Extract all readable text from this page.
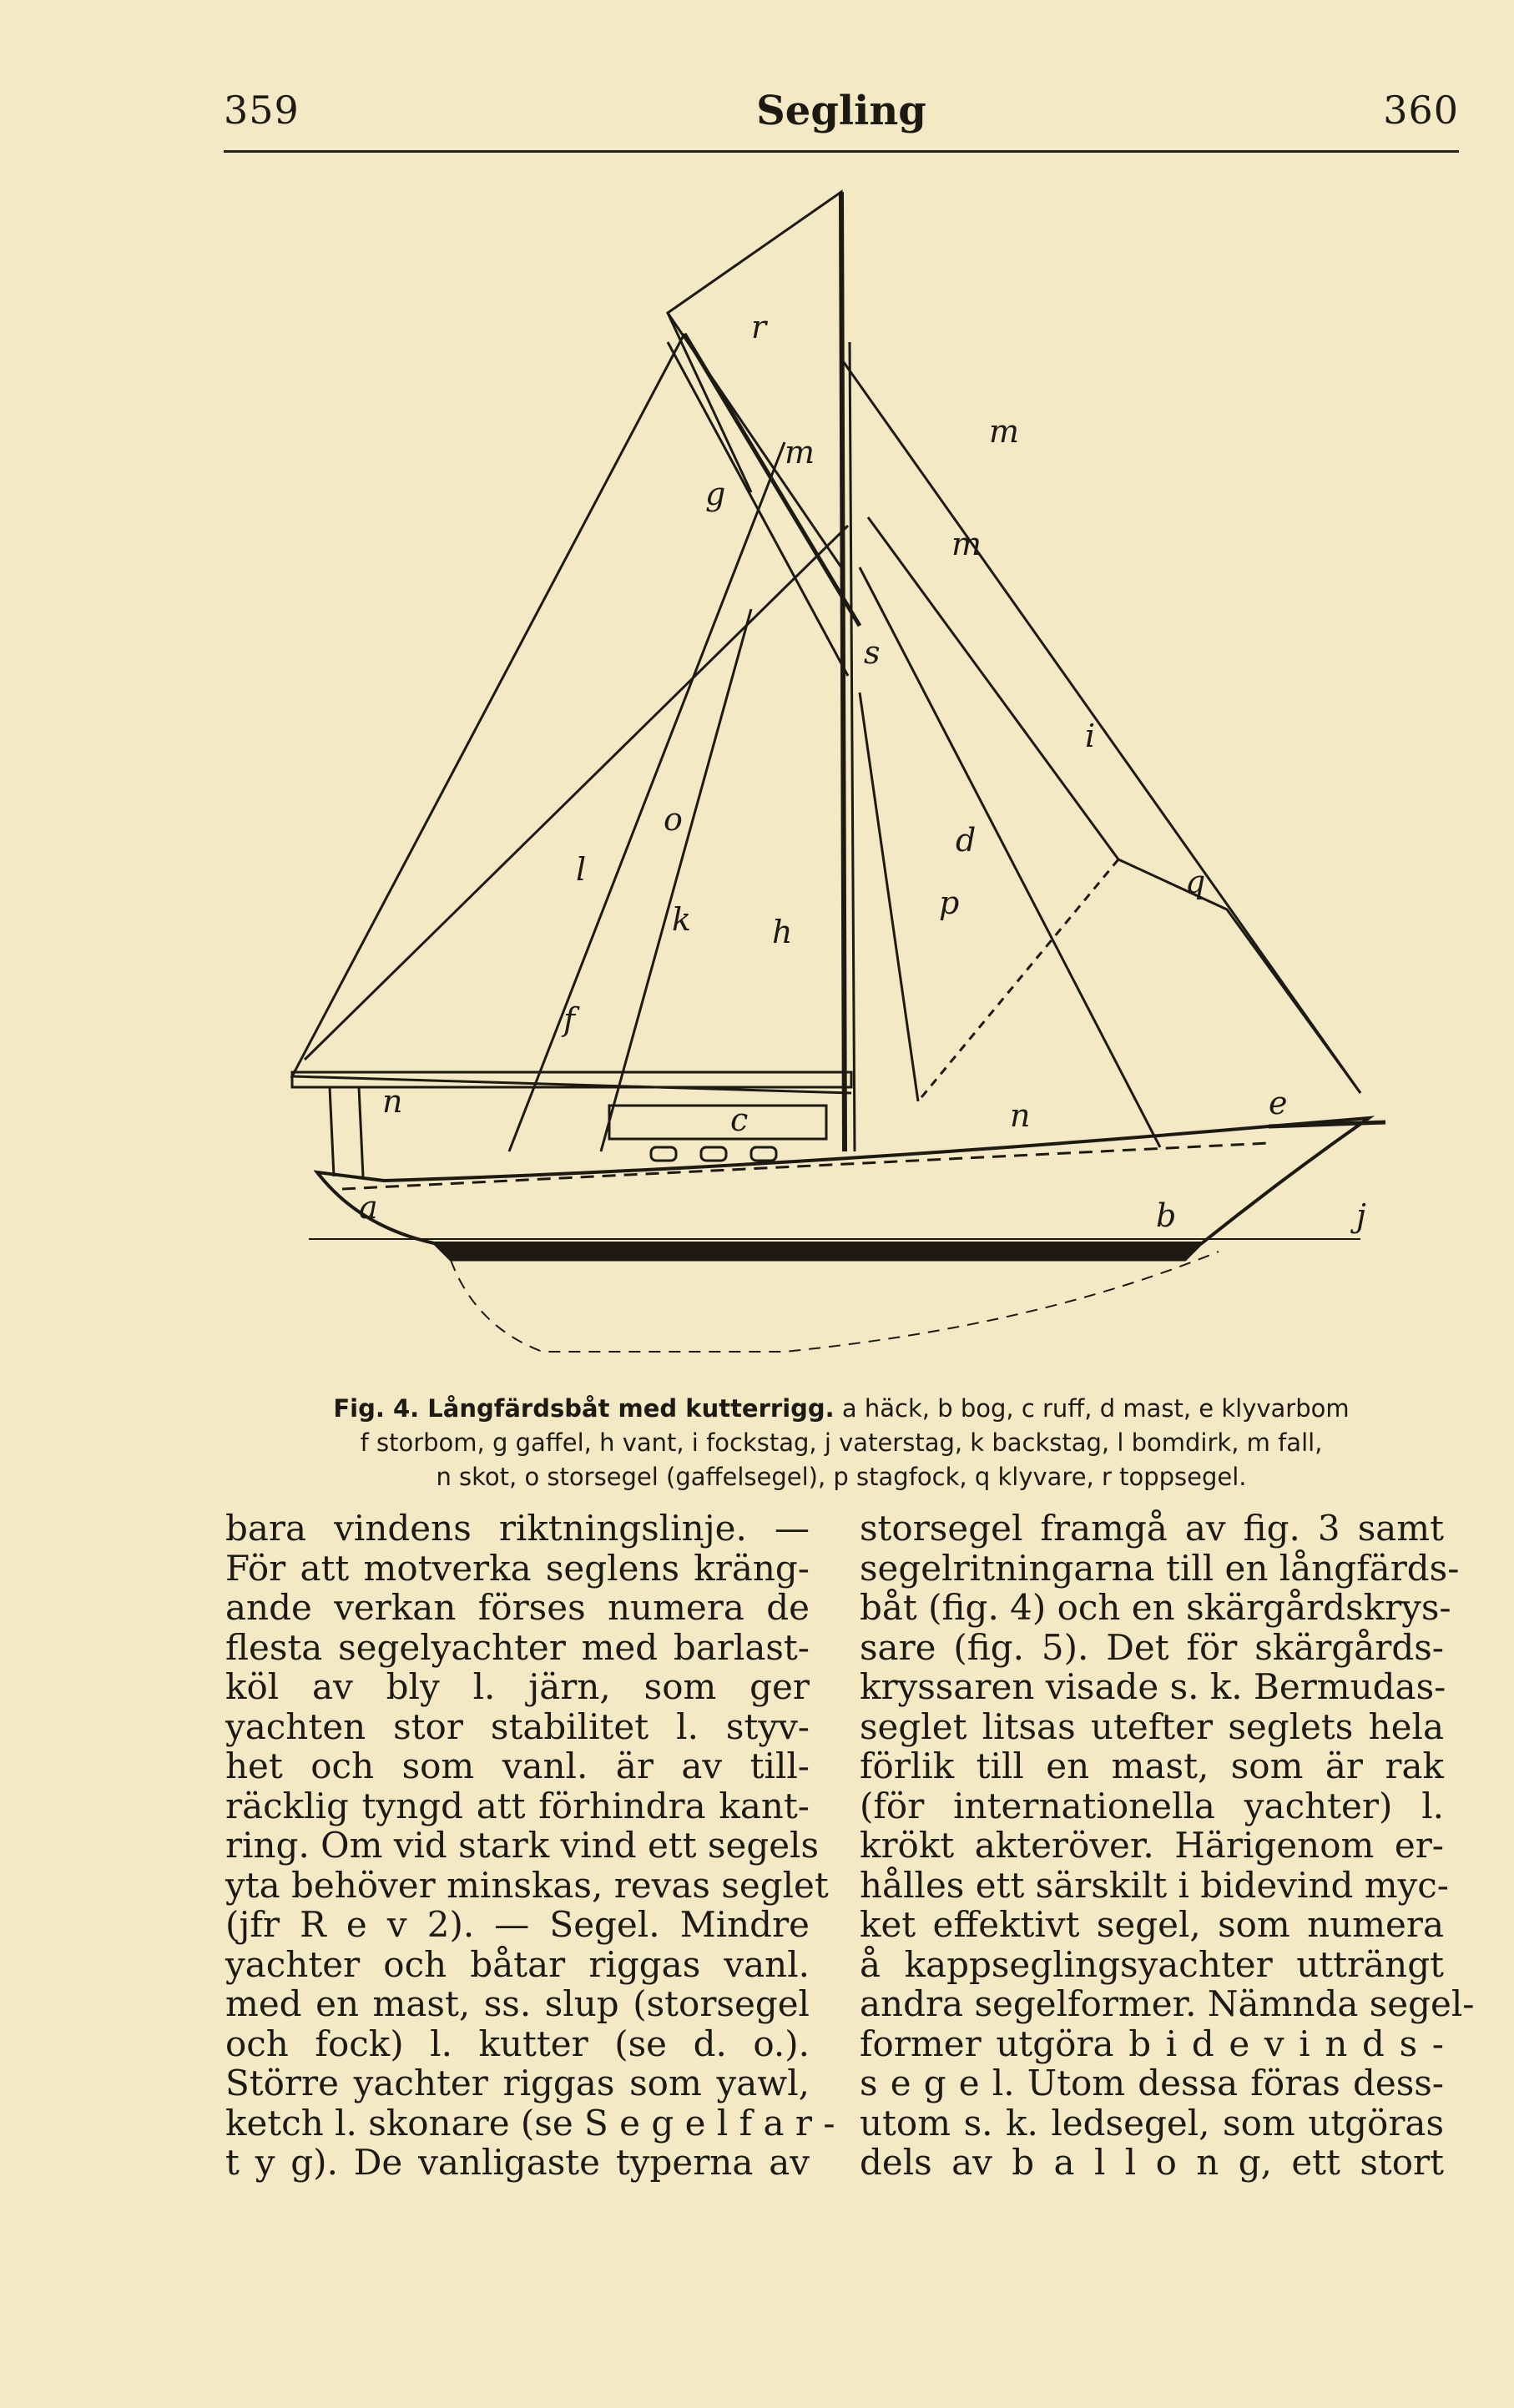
359	Segling	360
r
m
g
m
m
s
i
o
l
k	h
d
p
q
f
n	c	n	e
a	b	j
Fig. 4. Långfärdsbåt med kutterrigg. a häck, b bog, c ruff, d mast, e klyvarbom
f storbom, g gaffel, h vant, i fockstag, j vaterstag, k backstag, l bomdirk, m fall,
n skot, o storsegel (gaffelsegel), p stagfock, q klyvare, r toppsegel.
bara vindens riktningslinje. —
För att motverka seglens kräng-
ande verkan förses numera de
flesta segelyachter med barlast-
köl av bly l. järn, som ger
yachten stor stabilitet l. styv-
het och som vanl. är av till-
räcklig tyngd att förhindra kant-
ring. Om vid stark vind ett segels
yta behöver minskas, revas seglet
(jfr R e v 2). — Segel. Mindre
yachter och båtar riggas vanl.
med en mast, ss. slup (storsegel
och fock) l. kutter (se d. o.).
Större yachter riggas som yawl,
ketch l. skonare (se S e g e l f a r -
t y g). De vanligaste typerna av
storsegel framgå av fig. 3 samt
segelritningarna till en långfärds-
båt (fig. 4) och en skärgårdskrys-
sare (fig. 5). Det för skärgårds-
kryssaren visade s. k. Bermudas-
seglet litsas utefter seglets hela
förlik till en mast, som är rak
(för internationella yachter) l.
krökt akteröver. Härigenom er-
hålles ett särskilt i bidevind myc-
ket effektivt segel, som numera
å kappseglingsyachter utträngt
andra segelformer. Nämnda segel-
former utgöra b i d e v i n d s -
s e g e l. Utom dessa föras dess-
utom s. k. ledsegel, som utgöras
dels av b a l l o n g, ett stort
